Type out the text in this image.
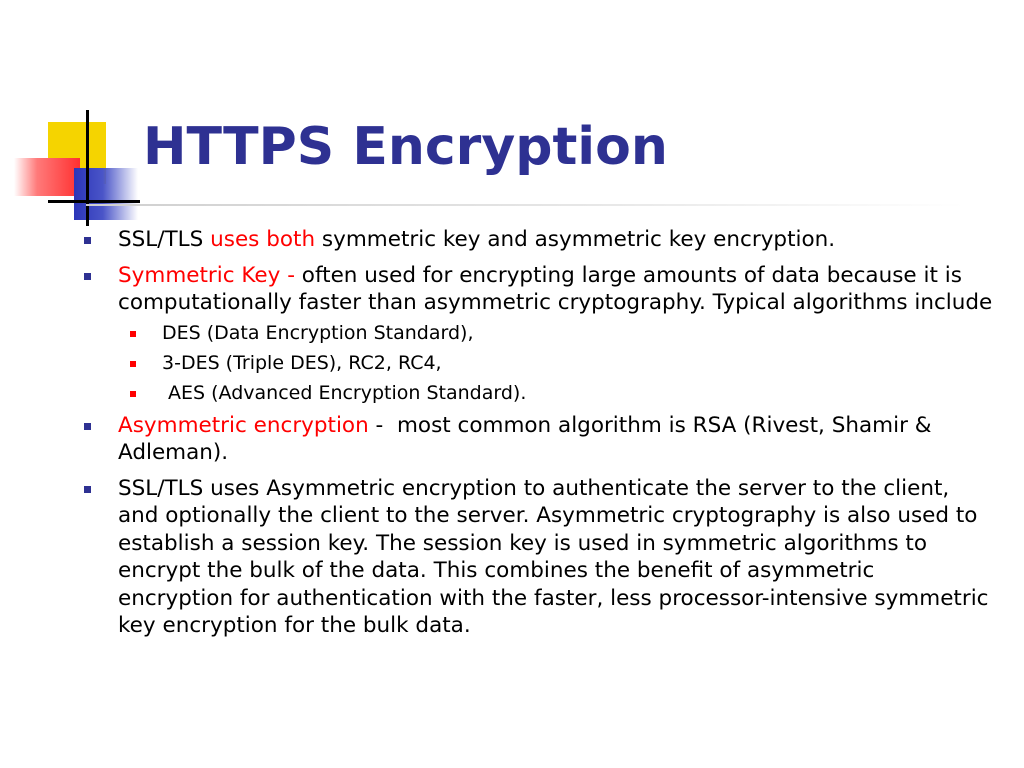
HTTPS Encryption
SSL/TLS uses both symmetric key and asymmetric key encryption.
Symmetric Key - often used for encrypting large amounts of data because it is computationally faster than asymmetric cryptography. Typical algorithms include
DES (Data Encryption Standard),
3-DES (Triple DES), RC2, RC4,
AES (Advanced Encryption Standard).
Asymmetric encryption -  most common algorithm is RSA (Rivest, Shamir & Adleman).
SSL/TLS uses Asymmetric encryption to authenticate the server to the client, and optionally the client to the server. Asymmetric cryptography is also used to establish a session key. The session key is used in symmetric algorithms to encrypt the bulk of the data. This combines the benefit of asymmetric encryption for authentication with the faster, less processor-intensive symmetric key encryption for the bulk data.
